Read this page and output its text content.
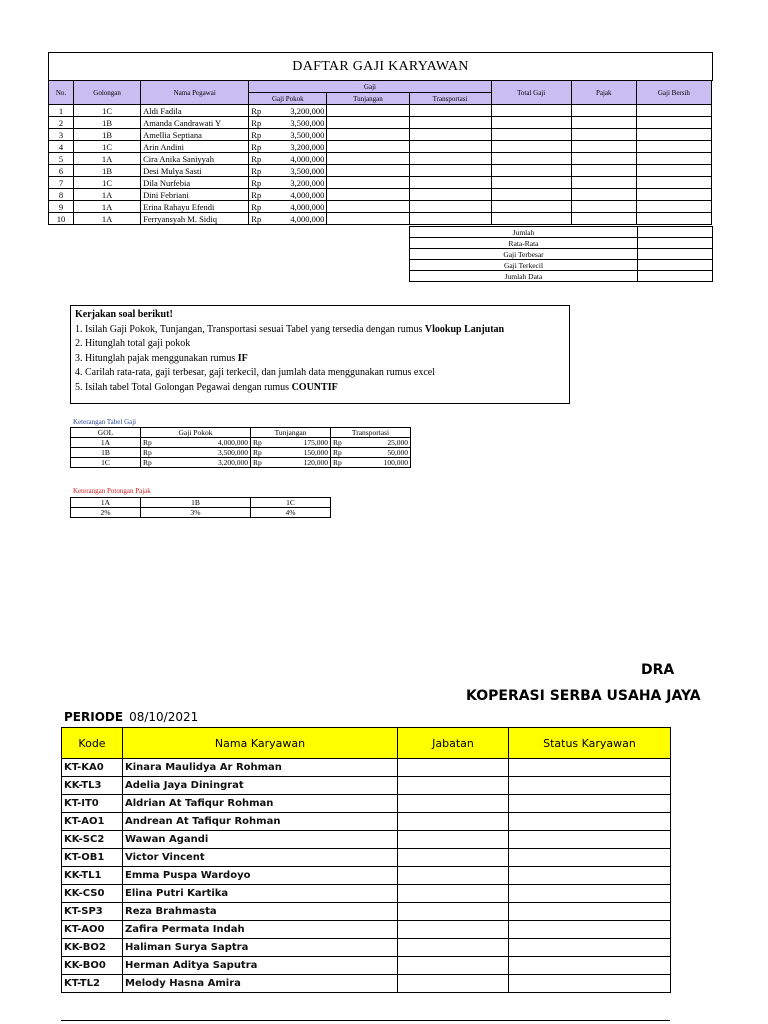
DAFTAR GAJI KARYAWAN
No.	Golongan	Nama Pegawai	Gaji			Total Gaji	Pajak	Gaji Bersih
			Gaji Pokok	Tunjangan	Transportasi			
1	1C	Aldi Fadila	Rp 3,200,000					

2	1B	Amanda Candrawati Y	Rp 3,500,000					

3	1B	Amellia Septiana	Rp 3,500,000					

4	1C	Arin Andini	Rp 3,200,000					

5	1A	Cira Anika Saniyyah	Rp 4,000,000					

6	1B	Desi Mulya Sasti	Rp 3,500,000					

7	1C	Dila Nurfebia	Rp 3,200,000					

8	1A	Dini Febriani	Rp 4,000,000					

9	1A	Erina Rahayu Efendi	Rp 4,000,000					

10	1A	Ferryansyah M. Sidiq	Rp 4,000,000					

Jumlah	
Rata-Rata	
Gaji Terbesar	
Gaji Terkecil	
Jumlah Data	

Kerjakan soal berikut!

1. Isilah Gaji Pokok, Tunjangan, Transportasi sesuai Tabel yang tersedia dengan rumus Vlookup Lanjutan

2. Hitunglah total gaji pokok

3. Hitunglah pajak menggunakan rumus IF

4. Carilah rata-rata, gaji terbesar, gaji terkecil, dan jumlah data menggunakan rumus excel

5. Isilah tabel Total Golongan Pegawai dengan rumus COUNTIF

Keterangan Tabel Gaji
GOL	Gaji Pokok	Tunjangan	Transportasi
1A	Rp 4,000,000	Rp 175,000	Rp 25,000

1B	Rp 3,500,000	Rp 150,000	Rp 50,000

1C	Rp 3,200,000	Rp 120,000	Rp 100,000
Keterangan Potongan Pajak
1A	1B	1C
2%	3%	4%
DRA
KOPERASI SERBA USAHA JAYA
PERIODE 08/10/2021
Kode	Nama Karyawan	Jabatan	Status Karyawan
KT-KA0	Kinara Maulidya Ar Rohman		
KK-TL3	Adelia Jaya Diningrat		
KT-IT0	Aldrian At Tafiqur Rohman		
KT-AO1	Andrean At Tafiqur Rohman		
KK-SC2	Wawan Agandi		
KT-OB1	Victor Vincent		
KK-TL1	Emma Puspa Wardoyo		
KK-CS0	Elina Putri Kartika		
KT-SP3	Reza Brahmasta		
KT-AO0	Zafira Permata Indah		
KK-BO2	Haliman Surya Saptra		
KK-BO0	Herman Aditya Saputra		
KT-TL2	Melody Hasna Amira		
